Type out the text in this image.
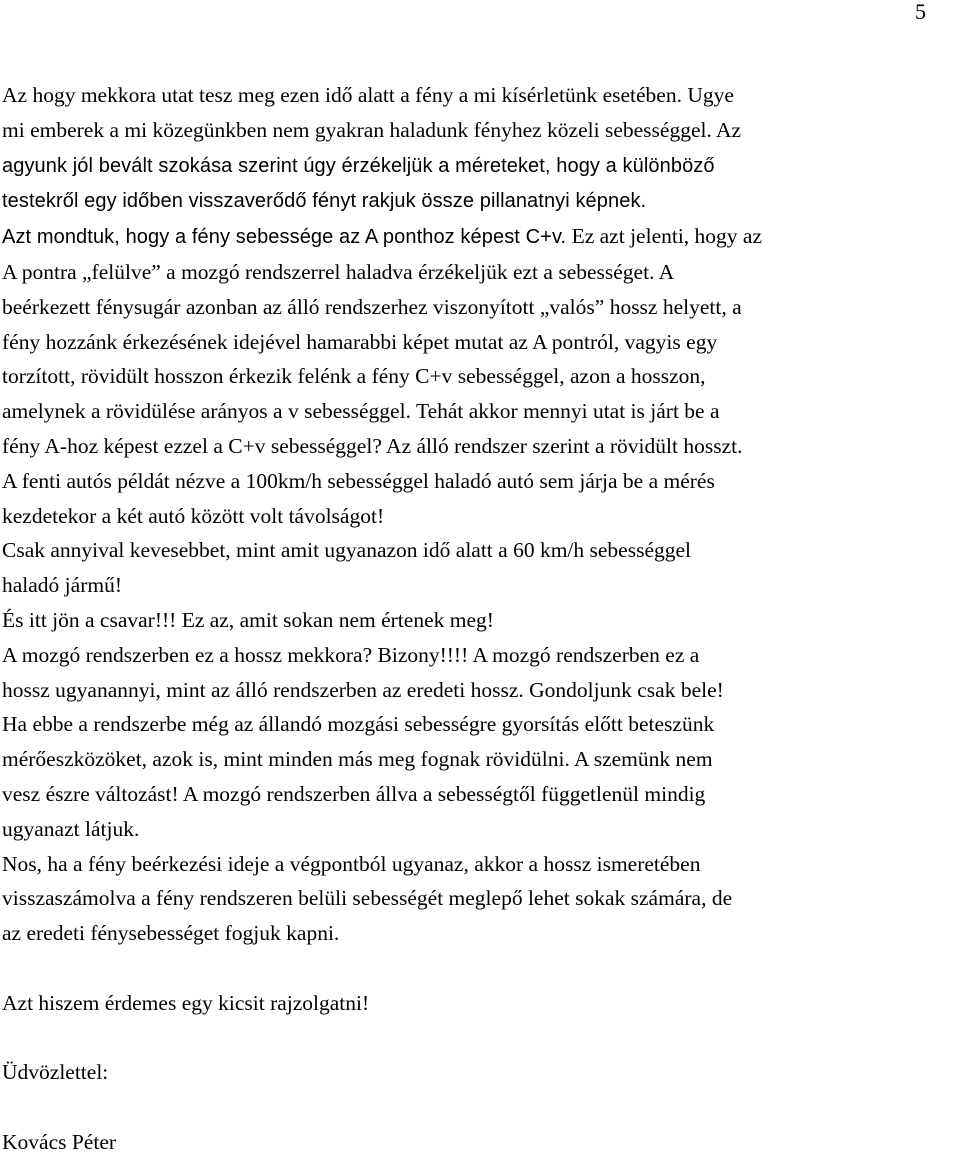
5

Az hogy mekkora utat tesz meg ezen idő alatt a fény a mi kísérletünk esetében. Ugye

mi emberek a mi közegünkben nem gyakran haladunk fényhez közeli sebességgel. Az

agyunk jól bevált szokása szerint úgy érzékeljük a méreteket, hogy a különböző

testekről egy időben visszaverődő fényt rakjuk össze pillanatnyi képnek.

Azt mondtuk, hogy a fény sebessége az A ponthoz képest C+v. Ez azt jelenti, hogy az

A pontra „felülve” a mozgó rendszerrel haladva érzékeljük ezt a sebességet. A

beérkezett fénysugár azonban az álló rendszerhez viszonyított „valós” hossz helyett, a

fény hozzánk érkezésének idejével hamarabbi képet mutat az A pontról, vagyis egy

torzított, rövidült hosszon érkezik felénk a fény C+v sebességgel, azon a hosszon,

amelynek a rövidülése arányos a v sebességgel. Tehát akkor mennyi utat is járt be a

fény A-hoz képest ezzel a C+v sebességgel? Az álló rendszer szerint a rövidült hosszt.

A fenti autós példát nézve a 100km/h sebességgel haladó autó sem járja be a mérés

kezdetekor a két autó között volt távolságot!

Csak annyival kevesebbet, mint amit ugyanazon idő alatt a 60 km/h sebességgel

haladó jármű!

És itt jön a csavar!!! Ez az, amit sokan nem értenek meg!

A mozgó rendszerben ez a hossz mekkora? Bizony!!!! A mozgó rendszerben ez a

hossz ugyanannyi, mint az álló rendszerben az eredeti hossz. Gondoljunk csak bele!

Ha ebbe a rendszerbe még az állandó mozgási sebességre gyorsítás előtt beteszünk

mérőeszközöket, azok is, mint minden más meg fognak rövidülni. A szemünk nem

vesz észre változást! A mozgó rendszerben állva a sebességtől függetlenül mindig

ugyanazt látjuk.

Nos, ha a fény beérkezési ideje a végpontból ugyanaz, akkor a hossz ismeretében

visszaszámolva a fény rendszeren belüli sebességét meglepő lehet sokak számára, de

az eredeti fénysebességet fogjuk kapni.

Azt hiszem érdemes egy kicsit rajzolgatni!

Üdvözlettel:

Kovács Péter
